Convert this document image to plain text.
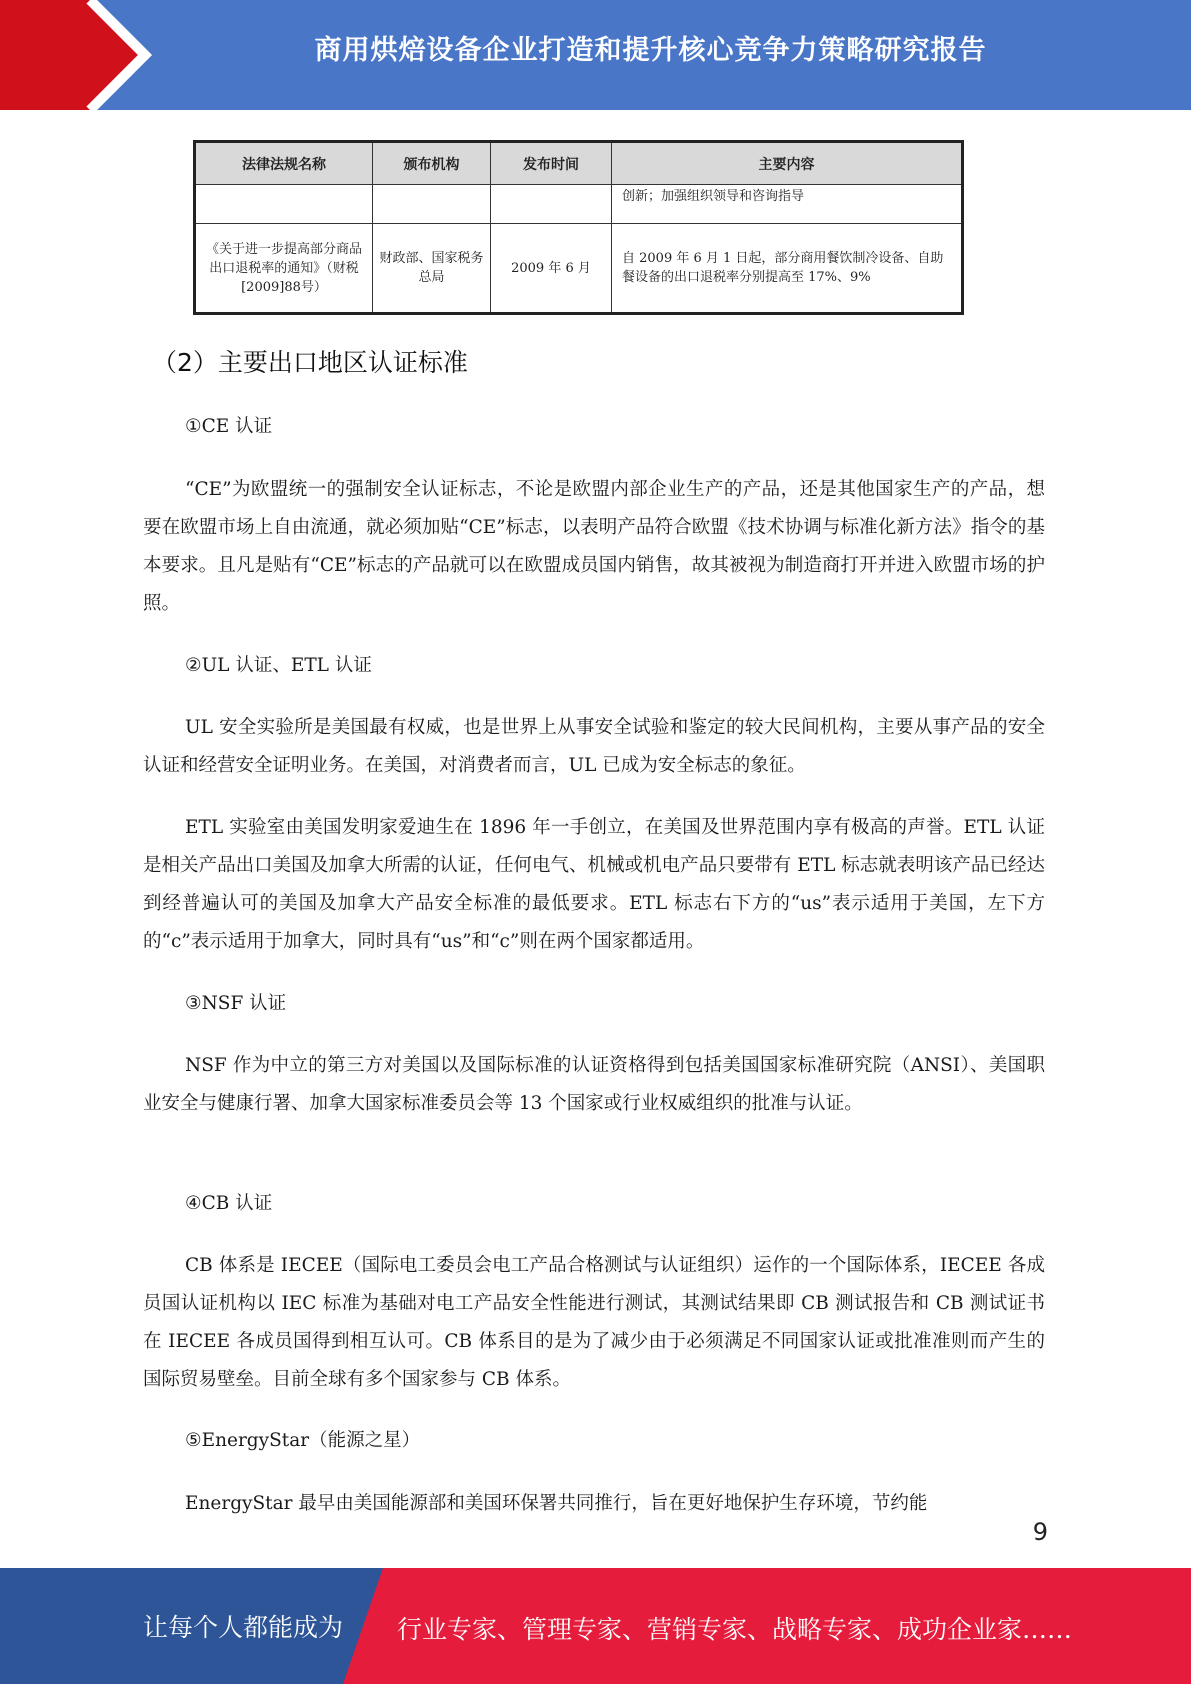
商用烘焙设备企业打造和提升核心竞争力策略研究报告
法律法规名称	颁布机构	发布时间	主要内容
			创新；加强组织领导和咨询指导
《关于进一步提高部分商品出口退税率的通知》（财税[2009]88号）	财政部、国家税务总局	2009 年 6 月	自 2009 年 6 月 1 日起，部分商用餐饮制冷设备、自助餐设备的出口退税率分别提高至 17%、9%
（2）主要出口地区认证标准
①CE 认证

“CE”为欧盟统一的强制安全认证标志，不论是欧盟内部企业生产的产品，还是其他国家生产的产品，想要在欧盟市场上自由流通，就必须加贴“CE”标志，以表明产品符合欧盟《技术协调与标准化新方法》指令的基本要求。且凡是贴有“CE”标志的产品就可以在欧盟成员国内销售，故其被视为制造商打开并进入欧盟市场的护照。

②UL 认证、ETL 认证

UL 安全实验所是美国最有权威，也是世界上从事安全试验和鉴定的较大民间机构，主要从事产品的安全认证和经营安全证明业务。在美国，对消费者而言，UL 已成为安全标志的象征。

ETL 实验室由美国发明家爱迪生在 1896 年一手创立，在美国及世界范围内享有极高的声誉。ETL 认证是相关产品出口美国及加拿大所需的认证，任何电气、机械或机电产品只要带有 ETL 标志就表明该产品已经达到经普遍认可的美国及加拿大产品安全标准的最低要求。ETL 标志右下方的“us”表示适用于美国，左下方的“c”表示适用于加拿大，同时具有“us”和“c”则在两个国家都适用。

③NSF 认证

NSF 作为中立的第三方对美国以及国际标准的认证资格得到包括美国国家标准研究院（ANSI）、美国职业安全与健康行署、加拿大国家标准委员会等 13 个国家或行业权威组织的批准与认证。

④CB 认证

CB 体系是 IECEE（国际电工委员会电工产品合格测试与认证组织）运作的一个国际体系，IECEE 各成员国认证机构以 IEC 标准为基础对电工产品安全性能进行测试，其测试结果即 CB 测试报告和 CB 测试证书在 IECEE 各成员国得到相互认可。CB 体系目的是为了减少由于必须满足不同国家认证或批准准则而产生的国际贸易壁垒。目前全球有多个国家参与 CB 体系。

⑤EnergyStar（能源之星）

EnergyStar 最早由美国能源部和美国环保署共同推行，旨在更好地保护生存环境，节约能

9
让每个人都能成为 行业专家、管理专家、营销专家、战略专家、成功企业家……
